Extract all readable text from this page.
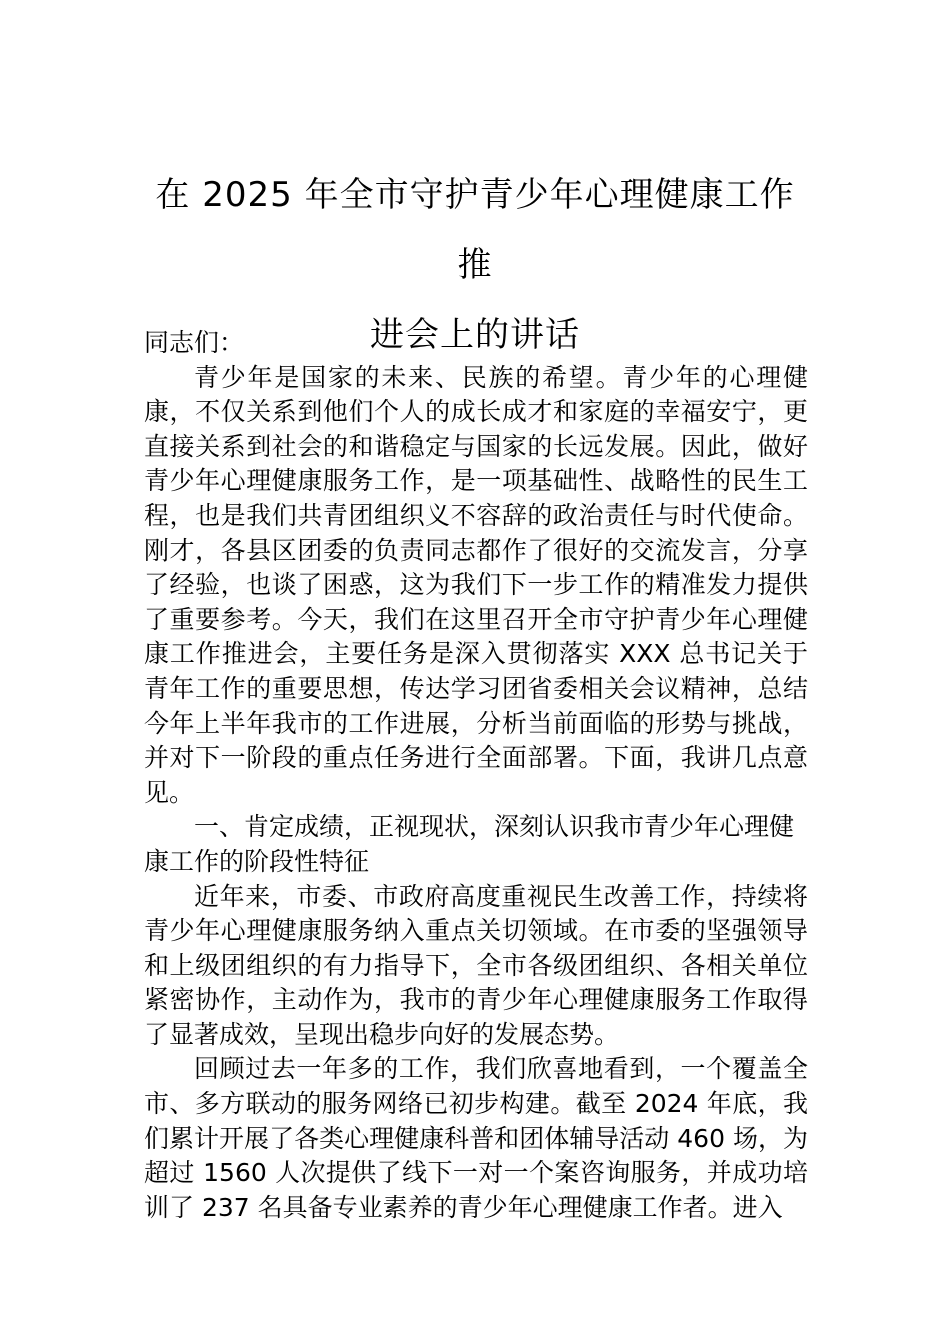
在 2025 年全市守护青少年心理健康工作推
进会上的讲话

同志们：

青少年是国家的未来、民族的希望。青少年的心理健康，不仅关系到他们个人的成长成才和家庭的幸福安宁，更直接关系到社会的和谐稳定与国家的长远发展。因此，做好青少年心理健康服务工作，是一项基础性、战略性的民生工程，也是我们共青团组织义不容辞的政治责任与时代使命。刚才，各县区团委的负责同志都作了很好的交流发言，分享了经验，也谈了困惑，这为我们下一步工作的精准发力提供了重要参考。今天，我们在这里召开全市守护青少年心理健康工作推进会，主要任务是深入贯彻落实 XXX 总书记关于青年工作的重要思想，传达学习团省委相关会议精神，总结今年上半年我市的工作进展，分析当前面临的形势与挑战，并对下一阶段的重点任务进行全面部署。下面，我讲几点意见。

一、肯定成绩，正视现状，深刻认识我市青少年心理健康工作的阶段性特征

近年来，市委、市政府高度重视民生改善工作，持续将青少年心理健康服务纳入重点关切领域。在市委的坚强领导和上级团组织的有力指导下，全市各级团组织、各相关单位紧密协作，主动作为，我市的青少年心理健康服务工作取得了显著成效，呈现出稳步向好的发展态势。

回顾过去一年多的工作，我们欣喜地看到，一个覆盖全市、多方联动的服务网络已初步构建。截至 2024 年底，我们累计开展了各类心理健康科普和团体辅导活动 460 场，为超过 1560 人次提供了线下一对一个案咨询服务，并成功培训了 237 名具备专业素养的青少年心理健康工作者。进入
